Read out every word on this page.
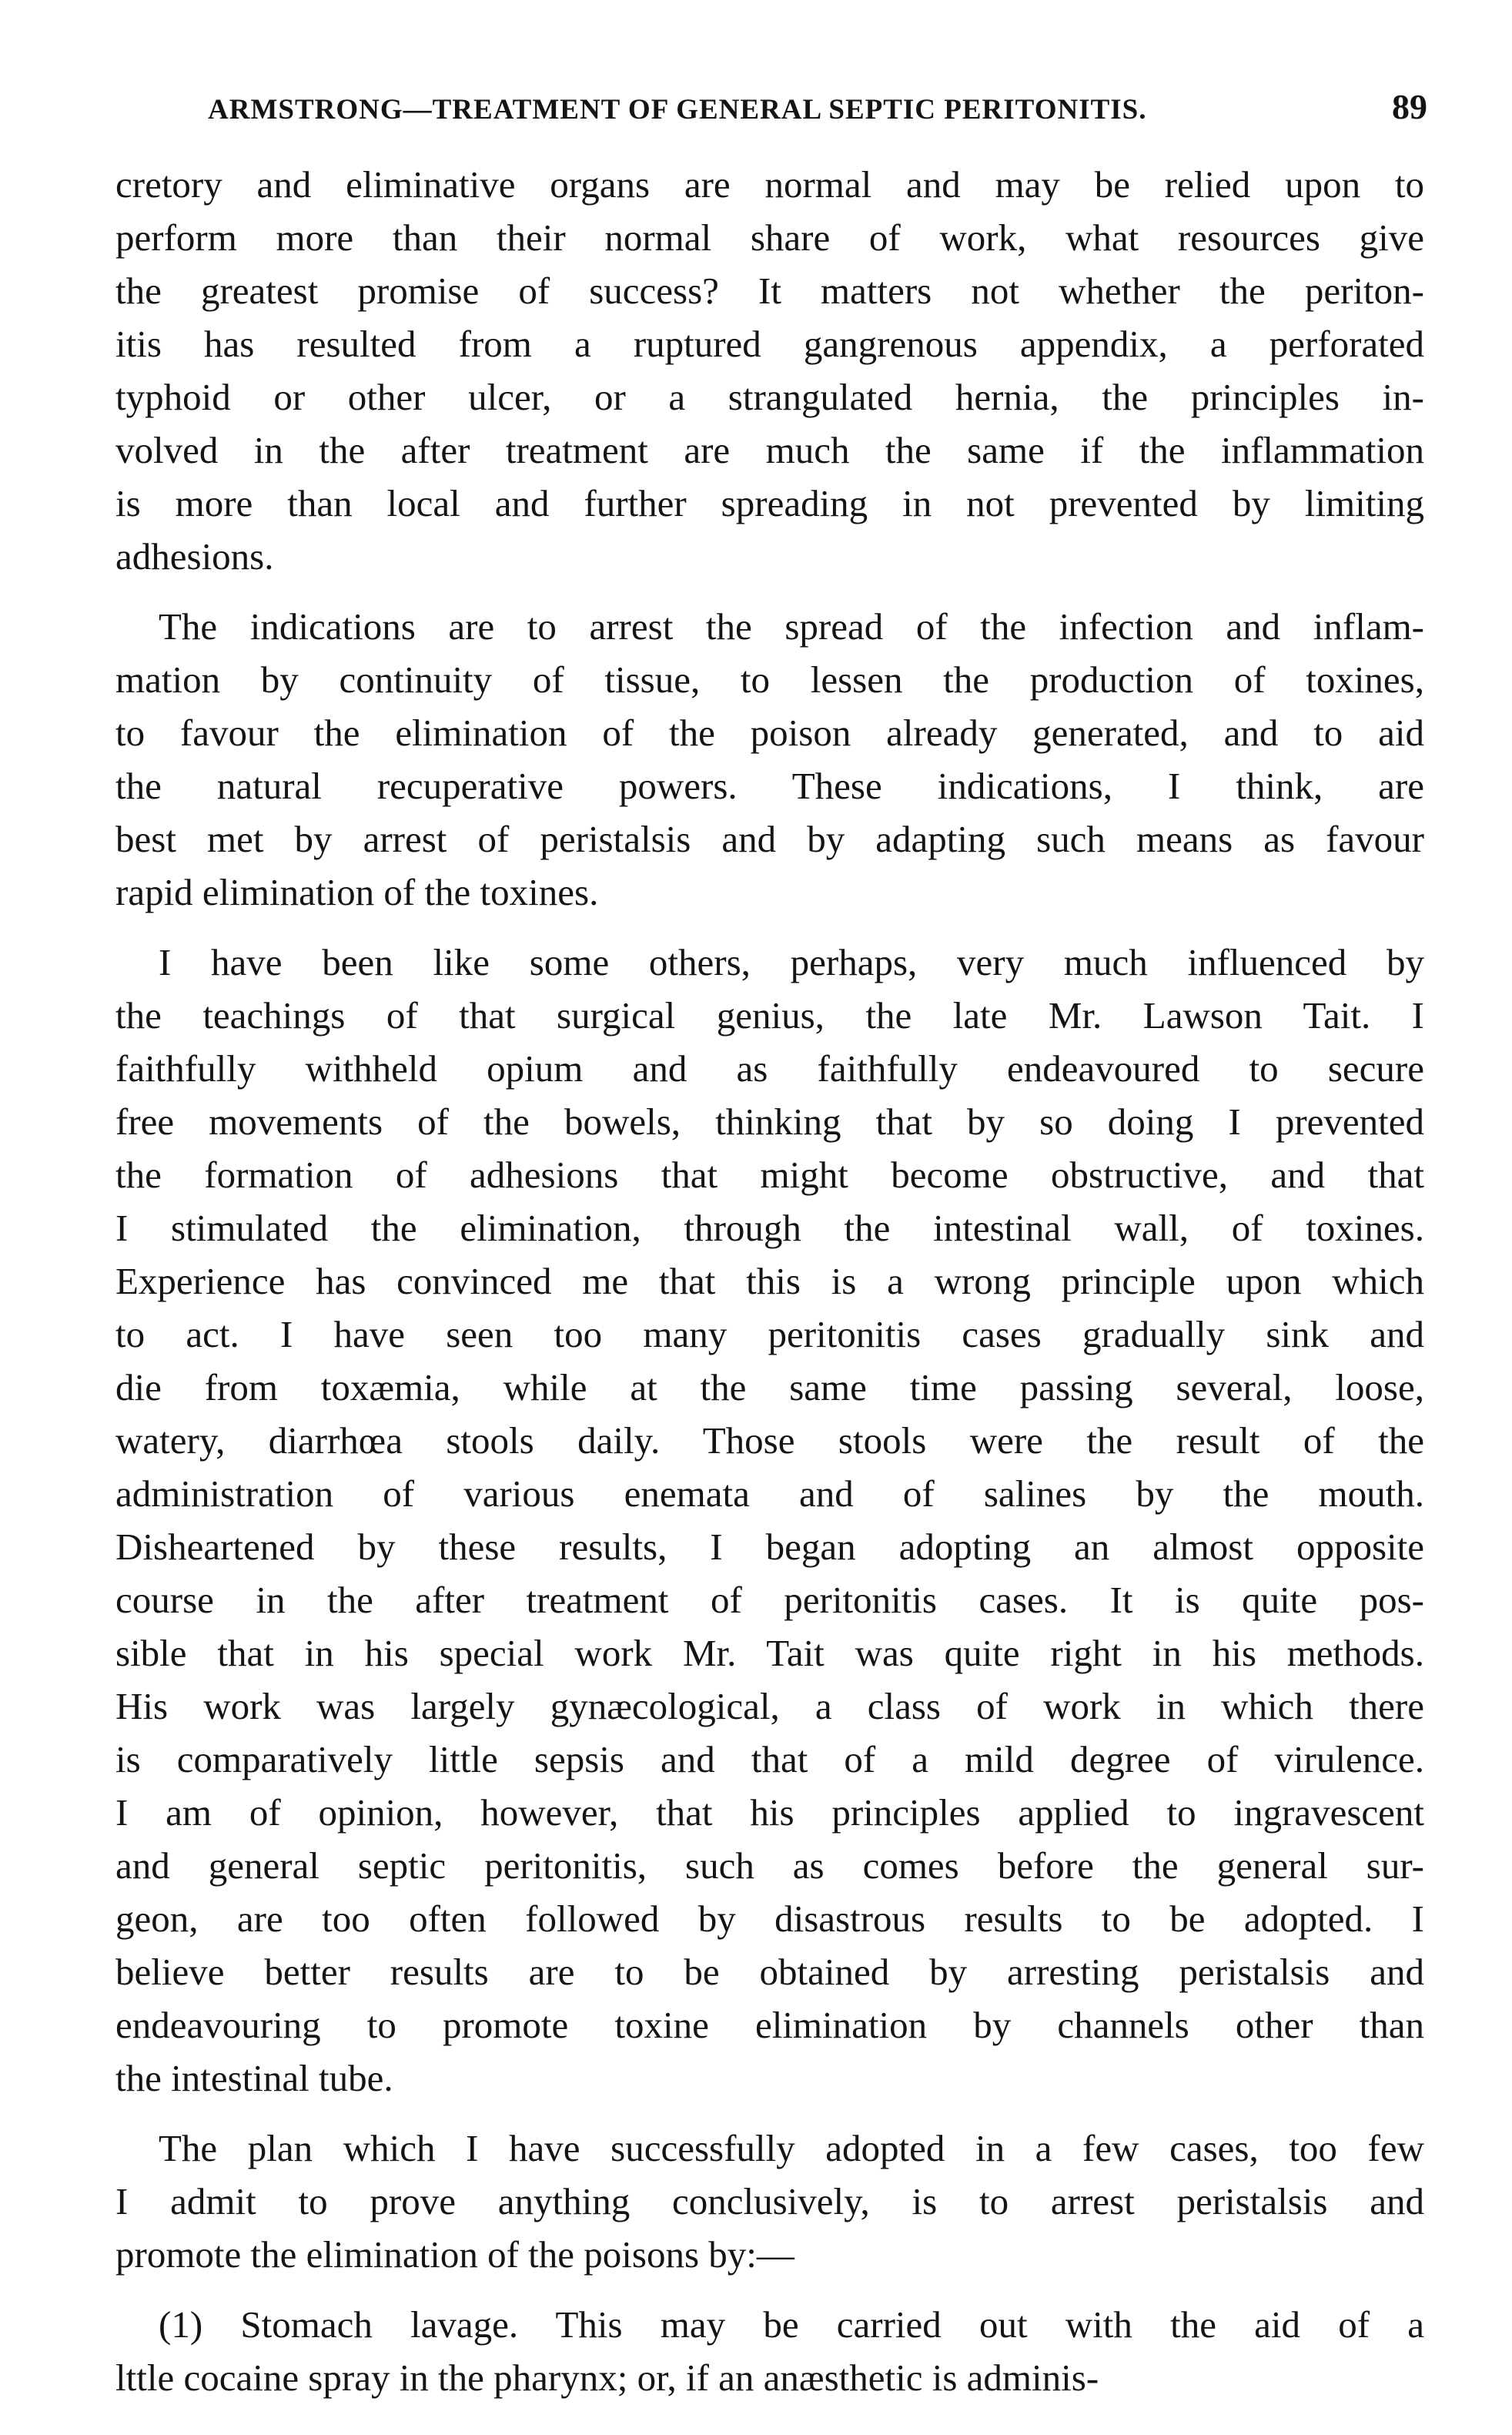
ARMSTRONG—TREATMENT OF GENERAL SEPTIC PERITONITIS.	89
cretory and eliminative organs are normal and may be relied upon to
perform more than their normal share of work, what resources give
the greatest promise of success? It matters not whether the periton-
itis has resulted from a ruptured gangrenous appendix, a perforated
typhoid or other ulcer, or a strangulated hernia, the principles in-
volved in the after treatment are much the same if the inflammation
is more than local and further spreading in not prevented by limiting
adhesions.
The indications are to arrest the spread of the infection and inflam-
mation by continuity of tissue, to lessen the production of toxines,
to favour the elimination of the poison already generated, and to aid
the natural recuperative powers. These indications, I think, are
best met by arrest of peristalsis and by adapting such means as favour
rapid elimination of the toxines.
I have been like some others, perhaps, very much influenced by
the teachings of that surgical genius, the late Mr. Lawson Tait. I
faithfully withheld opium and as faithfully endeavoured to secure
free movements of the bowels, thinking that by so doing I prevented
the formation of adhesions that might become obstructive, and that
I stimulated the elimination, through the intestinal wall, of toxines.
Experience has convinced me that this is a wrong principle upon which
to act. I have seen too many peritonitis cases gradually sink and
die from toxæmia, while at the same time passing several, loose,
watery, diarrhœa stools daily. Those stools were the result of the
administration of various enemata and of salines by the mouth.
Disheartened by these results, I began adopting an almost opposite
course in the after treatment of peritonitis cases. It is quite pos-
sible that in his special work Mr. Tait was quite right in his methods.
His work was largely gynæcological, a class of work in which there
is comparatively little sepsis and that of a mild degree of virulence.
I am of opinion, however, that his principles applied to ingravescent
and general septic peritonitis, such as comes before the general sur-
geon, are too often followed by disastrous results to be adopted. I
believe better results are to be obtained by arresting peristalsis and
endeavouring to promote toxine elimination by channels other than
the intestinal tube.
The plan which I have successfully adopted in a few cases, too few
I admit to prove anything conclusively, is to arrest peristalsis and
promote the elimination of the poisons by:—
(1) Stomach lavage. This may be carried out with the aid of a
lttle cocaine spray in the pharynx; or, if an anæsthetic is adminis-
